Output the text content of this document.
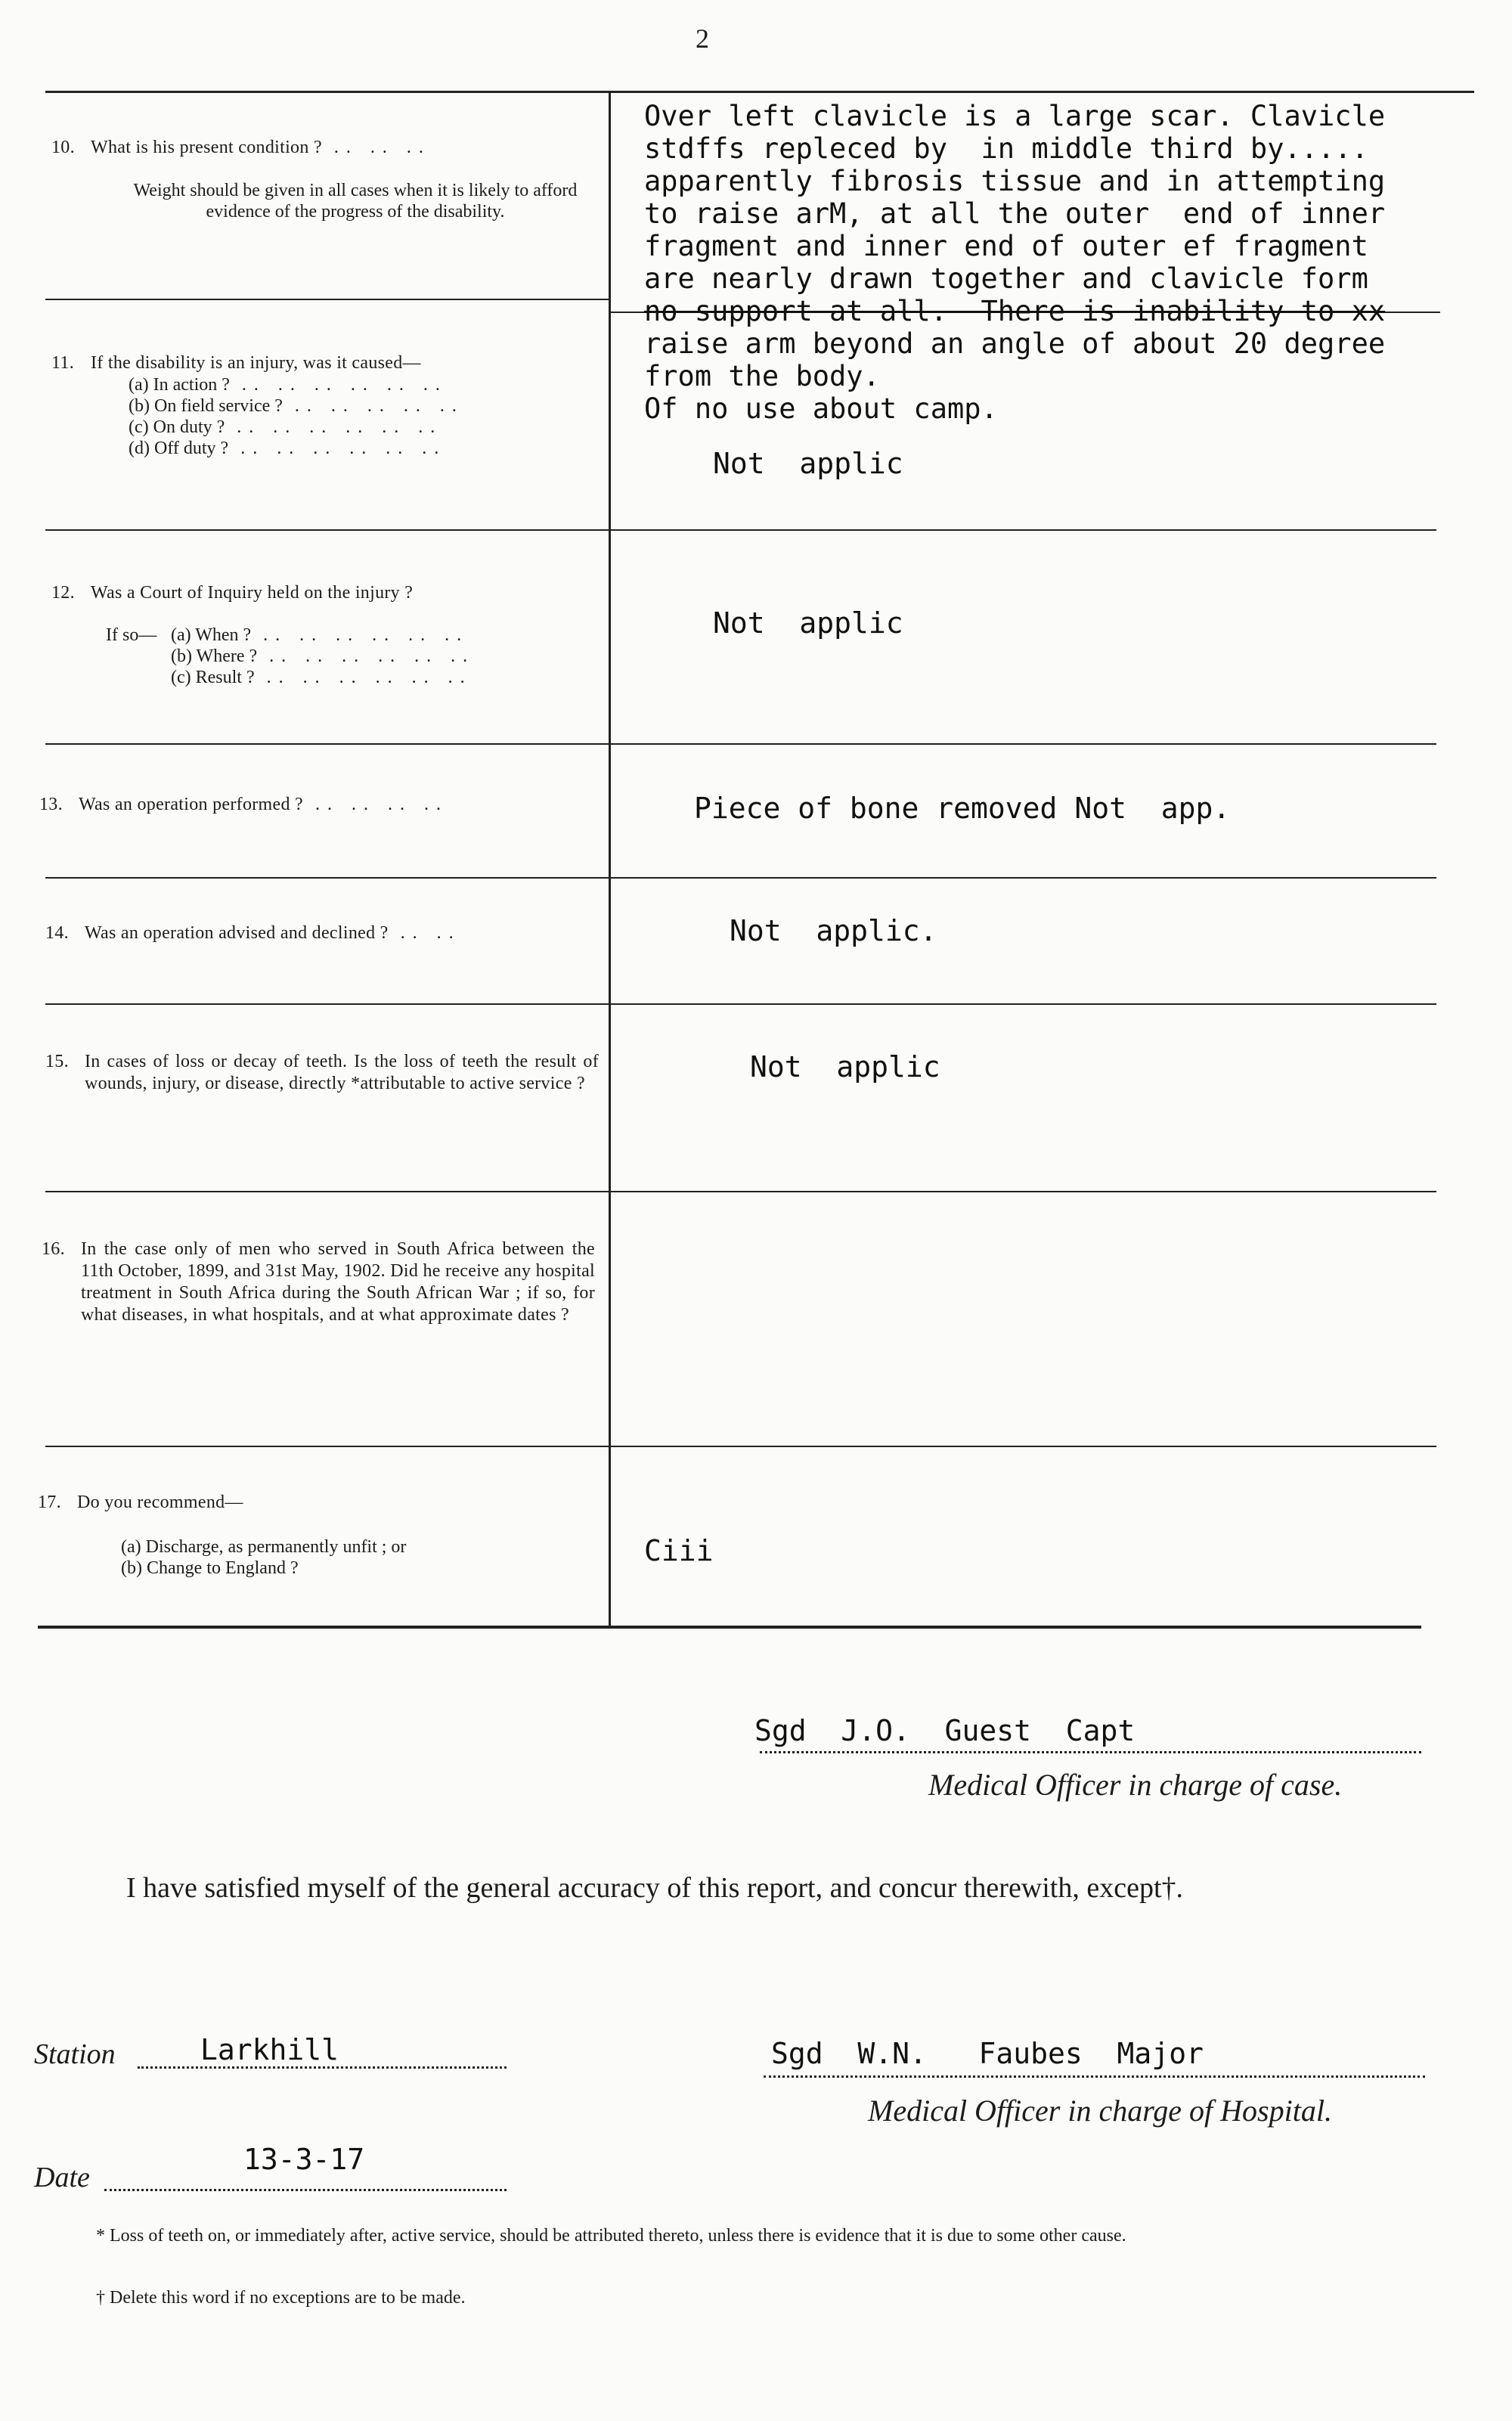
2
10. What is his present condition ? .. .. ..
Weight should be given in all cases when it is likely to afford evidence of the progress of the disability.
11. If the disability is an injury, was it caused—
(a) In action ? .. .. .. .. .. ..
(b) On field service ? .. .. .. .. ..
(c) On duty ? .. .. .. .. .. ..
(d) Off duty ? .. .. .. .. .. ..
12. Was a Court of Inquiry held on the injury ?
If so— (a) When ? .. .. .. .. .. ..
(b) Where ? .. .. .. .. .. ..
(c) Result ? .. .. .. .. .. ..
13. Was an operation performed ? .. .. .. ..
14. Was an operation advised and declined ? .. ..
15. In cases of loss or decay of teeth. Is the loss of teeth the result of wounds, injury, or disease, directly *attributable to active service ?
16. In the case only of men who served in South Africa between the 11th October, 1899, and 31st May, 1902. Did he receive any hospital treatment in South Africa during the South African War ; if so, for what diseases, in what hospitals, and at what approximate dates ?
17. Do you recommend—
(a) Discharge, as permanently unfit ; or
(b) Change to England ?
Over left clavicle is a large scar. Clavicle
stdffs repleced by  in middle third by.....
apparently fibrosis tissue and in attempting
to raise arM, at all the outer  end of inner
fragment and inner end of outer ef fragment
are nearly drawn together and clavicle form
no support at all.  There is inability to xx
raise arm beyond an angle of about 20 degree
from the body.
Of no use about camp.
Not  applic
Not  applic
Piece of bone removed Not  app.
Not  applic.
Not  applic
Ciii
Sgd  J.O.  Guest  Capt
Medical Officer in charge of case.
I have satisfied myself of the general accuracy of this report, and concur therewith, except†.
Station	Larkhill	Sgd  W.N.   Faubes  Major
Medical Officer in charge of Hospital.
Date
13-3-17
* Loss of teeth on, or immediately after, active service, should be attributed thereto, unless there is evidence that it is due to some other cause.
† Delete this word if no exceptions are to be made.
